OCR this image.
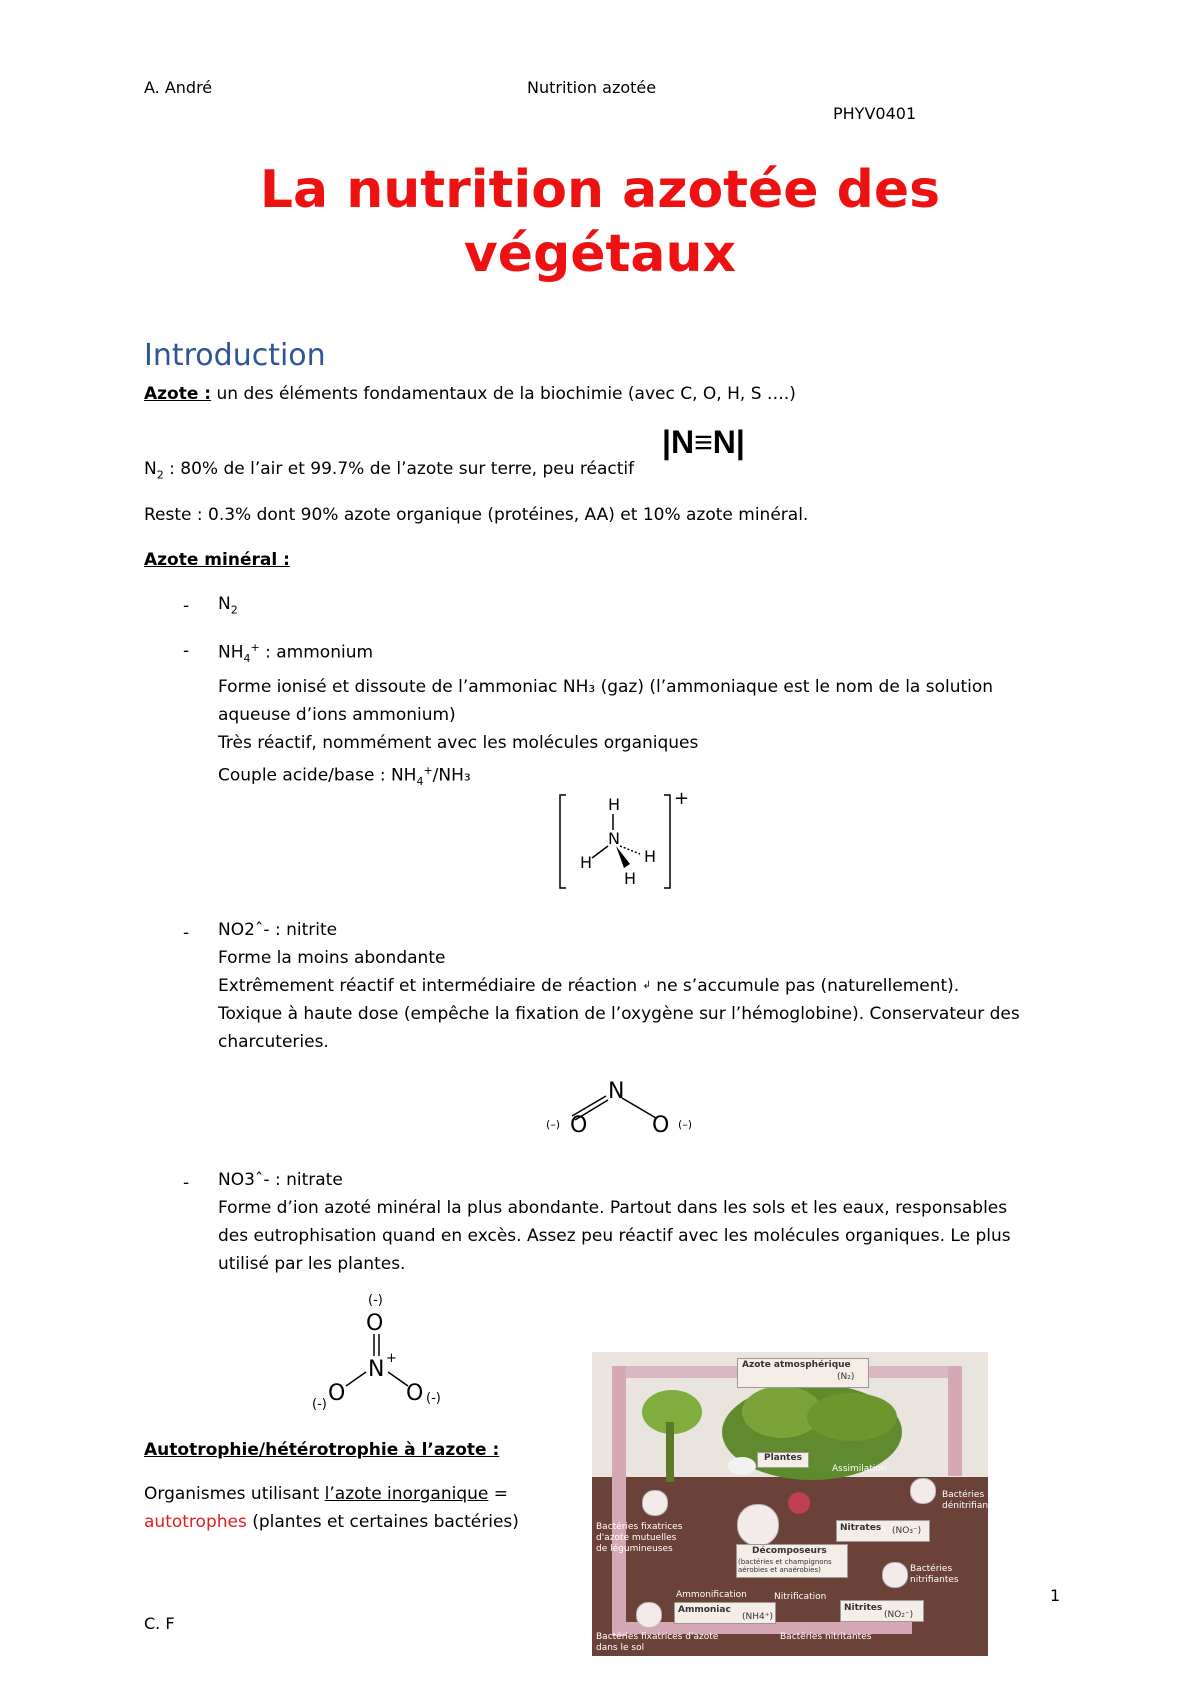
A. André	Nutrition azotée
PHYV0401
La nutrition azotée des
végétaux
Introduction
Azote : un des éléments fondamentaux de la biochimie (avec C, O, H, S ….)
$N_2$ : 80% de l’air et 99.7% de l’azote sur terre, peu réactif
|N≡N|
Reste : 0.3% dont 90% azote organique (protéines, AA) et 10% azote minéral.
Azote minéral :
- $N_2$
- $NH_4^+$ : ammonium
Forme ionisé et dissoute de l’ammoniac NH₃ (gaz) (l’ammoniaque est le nom de la solution
aqueuse d’ions ammonium)
Très réactif, nommément avec les molécules organiques
Couple acide/base : $NH_4^+$/NH₃
H
N
H	H
H
+
- NO2ˆ- : nitrite
Forme la moins abondante
Extrêmement réactif et intermédiaire de réaction ↲ ne s’accumule pas (naturellement).
Toxique à haute dose (empêche la fixation de l’oxygène sur l’hémoglobine). Conservateur des
charcuteries.
N
O	O
(–)	(–)
- NO3ˆ- : nitrate
Forme d’ion azoté minéral la plus abondante. Partout dans les sols et les eaux, responsables
des eutrophisation quand en excès. Assez peu réactif avec les molécules organiques. Le plus
utilisé par les plantes.
(-)
O
N +
O	O
(-)	(-)
Autotrophie/hétérotrophie à l’azote :
Organismes utilisant l’azote inorganique =
autotrophes (plantes et certaines bactéries)
Azote atmosphérique
(N₂)
Plantes
Assimilation
Bactéries fixatrices d'azote mutuelles de légumineuses	Décomposeurs
(bactéries et champignons aérobies et anaérobies)
Nitrates (NO₃⁻)
Bactéries dénitrifiantes
Ammonification
Ammoniac
(NH4⁺)
Nitrification
Nitrites
(NO₂⁻)
Bactéries nitrifiantes
Bactéries nitritantes
Bactéries fixatrices d'azote dans le sol
C. F
1
